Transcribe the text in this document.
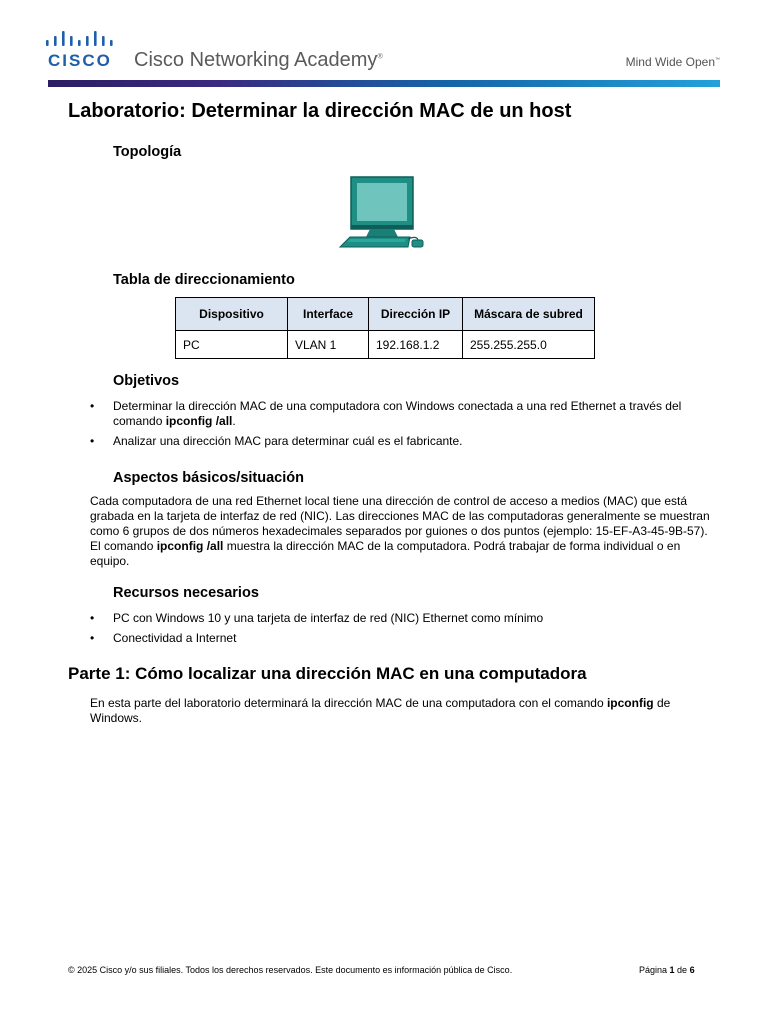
CISCO Cisco Networking Academy®	Mind Wide Open™
Laboratorio: Determinar la dirección MAC de un host
Topología
Tabla de direccionamiento
Dispositivo	Interface	Dirección IP	Máscara de subred
PC	VLAN 1	192.168.1.2	255.255.255.0
Objetivos
• Determinar la dirección MAC de una computadora con Windows conectada a una red Ethernet a través del comando ipconfig /all.
• Analizar una dirección MAC para determinar cuál es el fabricante.
Aspectos básicos/situación

Cada computadora de una red Ethernet local tiene una dirección de control de acceso a medios (MAC) que está grabada en la tarjeta de interfaz de red (NIC). Las direcciones MAC de las computadoras generalmente se muestran como 6 grupos de dos números hexadecimales separados por guiones o dos puntos (ejemplo: 15-EF-A3-45-9B-57). El comando ipconfig /all muestra la dirección MAC de la computadora. Podrá trabajar de forma individual o en equipo.

Recursos necesarios
• PC con Windows 10 y una tarjeta de interfaz de red (NIC) Ethernet como mínimo
• Conectividad a Internet
Parte 1: Cómo localizar una dirección MAC en una computadora

En esta parte del laboratorio determinará la dirección MAC de una computadora con el comando ipconfig de Windows.

© 2025 Cisco y/o sus filiales. Todos los derechos reservados. Este documento es información pública de Cisco.	Página 1 de 6
